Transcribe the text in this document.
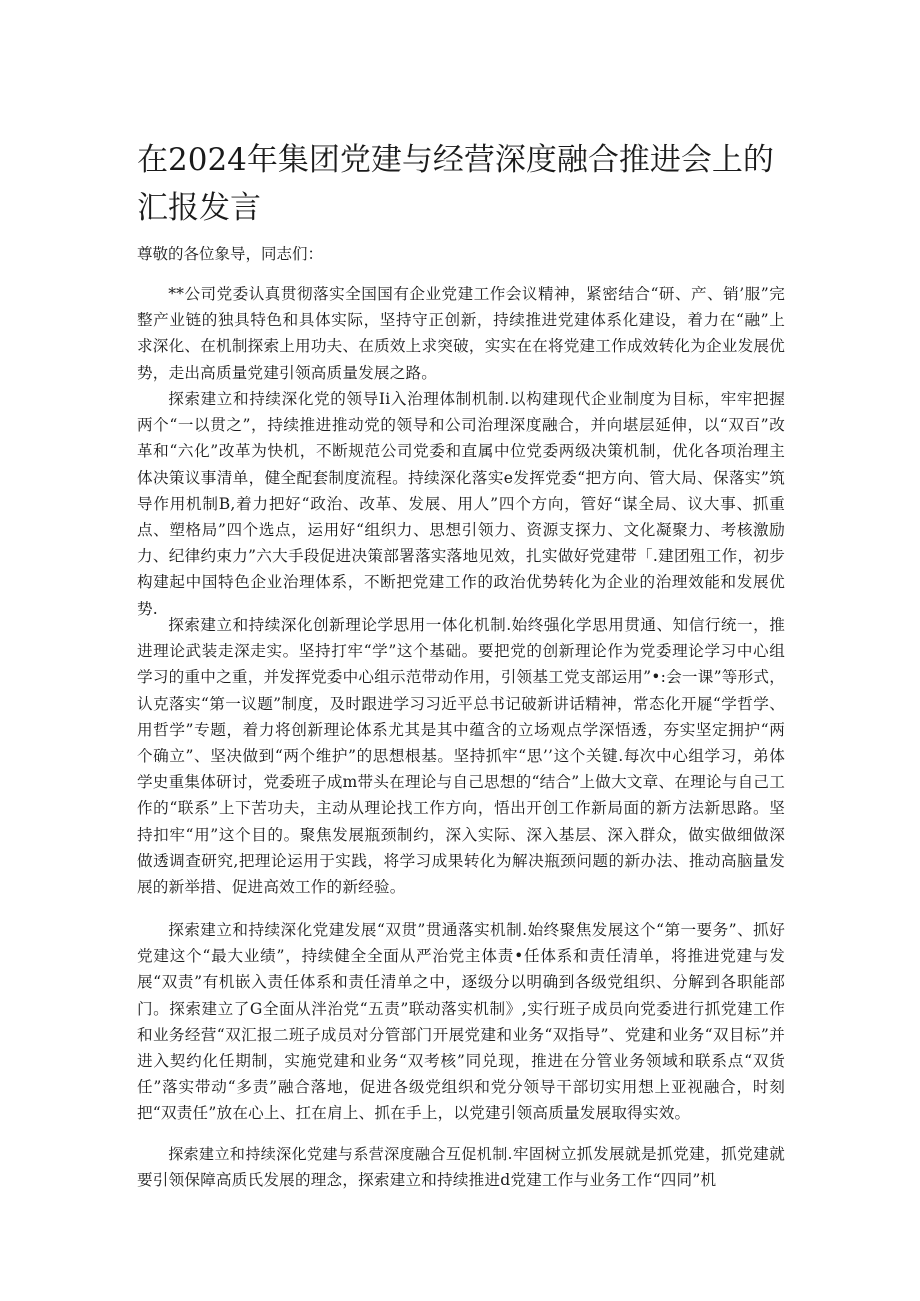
在2024年集团党建与经营深度融合推进会上的汇报发言

尊敬的各位象导，同志们：

**公司党委认真贯彻落实全国国有企业党建工作会议精神，紧密结合“研、产、销’服”完整产业链的独具特色和具体实际，坚持守正创新，持续推进党建体系化建设，着力在“融”上求深化、在机制探索上用功夫、在质效上求突破，实实在在将党建工作成效转化为企业发展优势，走出高质量党建引领高质量发展之路。

探索建立和持续深化党的领导Ii入治理体制机制.以构建现代企业制度为目标，牢牢把握两个“一以贯之”，持续推进推动党的领导和公司治理深度融合，并向堪层延伸，以“双百”改革和“六化”改革为快机，不断规范公司党委和直属中位党委两级决策机制，优化各项治理主体决策议事清单，健全配套制度流程。持续深化落实e发挥党委“把方向、管大局、保落实”筑导作用机制B,着力把好“政治、改革、发展、用人”四个方向，管好“谋全局、议大事、抓重点、塑格局”四个选点，运用好“组织力、思想引领力、资源支探力、文化凝聚力、考核激励力、纪律约束力”六大手段促进决策部署落实落地见效，扎实做好党建带「.建团殂工作，初步构建起中国特色企业治理体系，不断把党建工作的政治优势转化为企业的治理效能和发展优势.

探索建立和持续深化创新理论学思用一体化机制.始终强化学思用贯通、知信行统一，推进理论武装走深走实。坚持打牢“学”这个基础。要把党的创新理论作为党委理论学习中心组学习的重中之重，并发挥党委中心组示范带动作用，引领基工党支部运用”•:会一课”等形式，认克落实“第一议题”制度，及时跟进学习习近平总书记破新讲话精神，常态化开屣“学哲学、用哲学”专题，着力将创新理论体系尤其是其中蕴含的立场观点学深悟透，夯实坚定拥护“两个确立”、坚决做到“两个维护”的思想根基。坚持抓牢“思’’这个关键.每次中心组学习，弟体学史重集体研讨，党委班子成m带头在理论与自己思想的“结合”上做大文章、在理论与自己工作的“联系”上下苦功夫，主动从理论找工作方向，悟出开创工作新局面的新方法新思路。坚持扣牢“用”这个目的。聚焦发展瓶颈制约，深入实际、深入基层、深入群众，做实做细做深做透调查研究,把理论运用于实践，将学习成果转化为解决瓶颈问题的新办法、推动高脑量发展的新举措、促进高效工作的新经验。

探索建立和持续深化党建发展“双贯”贯通落实机制.始终聚焦发展这个“第一要务”、抓好党建这个“最大业绩”，持续健全全面从严治党主体责•任体系和责任清单，将推进党建与发展“双责”有机嵌入责任体系和责任清单之中，逐级分以明确到各级党组织、分解到各职能部门。探索建立了G全面从泮治党“五责”联动落实机制》,实行班子成员向党委进行抓党建工作和业务经营“双汇报二班子成员对分管部门开展党建和业务“双指导”、党建和业务“双目标”并进入契约化任期制，实施党建和业务“双考核”同兑现，推进在分管业务领域和联系点“双货任”落实带动“多责”融合落地，促进各级党组织和党分领导干部切实用想上亚视融合，时刻把“双责任”放在心上、扛在肩上、抓在手上，以党建引领高质量发展取得实效。

探索建立和持续深化党建与系营深度融合互促机制.牢固树立抓发展就是抓党建，抓党建就要引领保障高质氏发展的理念，探索建立和持续推进d党建工作与业务工作“四同”机
